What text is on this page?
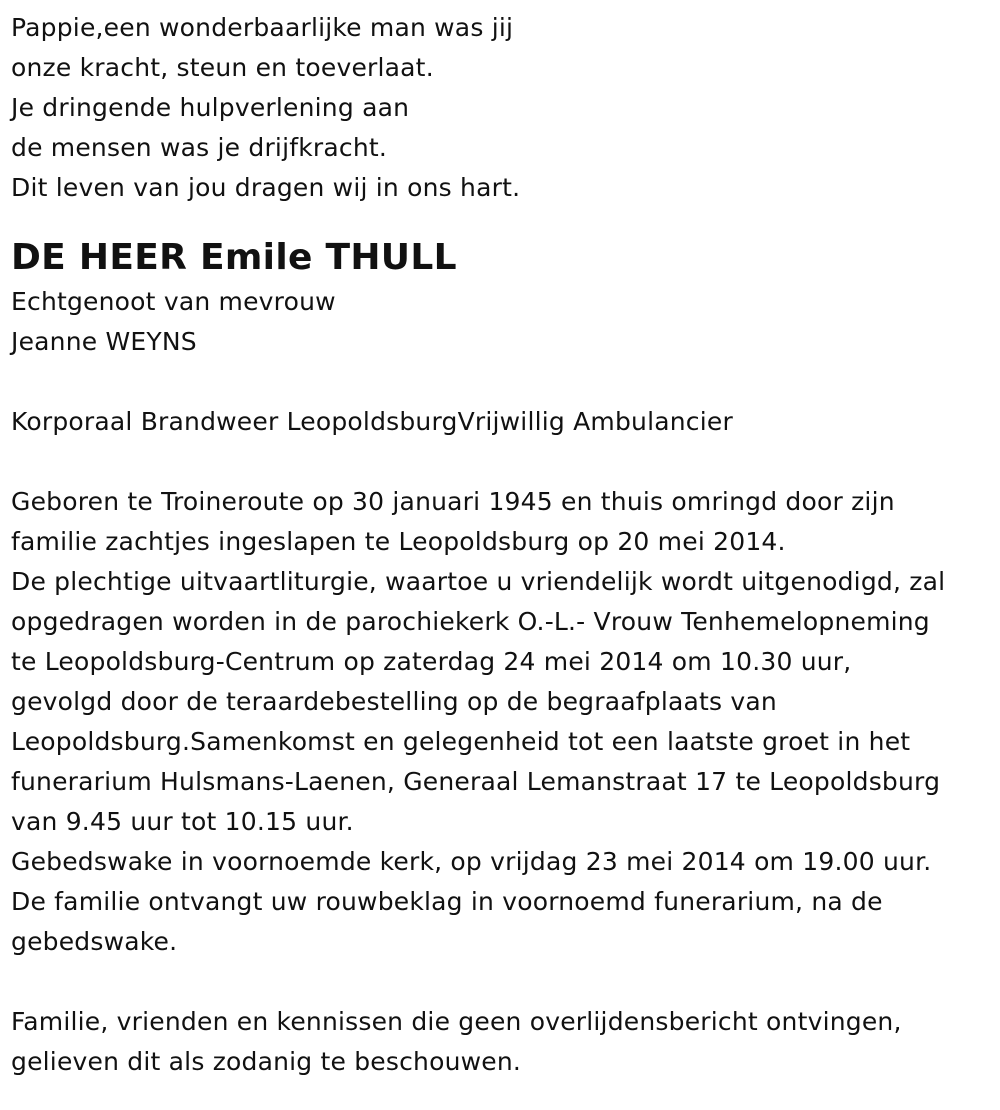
Pappie,een wonderbaarlijke man was jij
onze kracht, steun en toeverlaat.
Je dringende hulpverlening aan
de mensen was je drijfkracht.
Dit leven van jou dragen wij in ons hart.
DE HEER Emile THULL
Echtgenoot van mevrouw
Jeanne WEYNS
Korporaal Brandweer LeopoldsburgVrijwillig Ambulancier
Geboren te Troineroute op 30 januari 1945 en thuis omringd door zijn
familie zachtjes ingeslapen te Leopoldsburg op 20 mei 2014.
De plechtige uitvaartliturgie, waartoe u vriendelijk wordt uitgenodigd, zal
opgedragen worden in de parochiekerk O.-L.- Vrouw Tenhemelopneming
te Leopoldsburg-Centrum op zaterdag 24 mei 2014 om 10.30 uur,
gevolgd door de teraardebestelling op de begraafplaats van
Leopoldsburg.Samenkomst en gelegenheid tot een laatste groet in het
funerarium Hulsmans-Laenen, Generaal Lemanstraat 17 te Leopoldsburg
van 9.45 uur tot 10.15 uur.
Gebedswake in voornoemde kerk, op vrijdag 23 mei 2014 om 19.00 uur.
De familie ontvangt uw rouwbeklag in voornoemd funerarium, na de
gebedswake.
Familie, vrienden en kennissen die geen overlijdensbericht ontvingen,
gelieven dit als zodanig te beschouwen.
